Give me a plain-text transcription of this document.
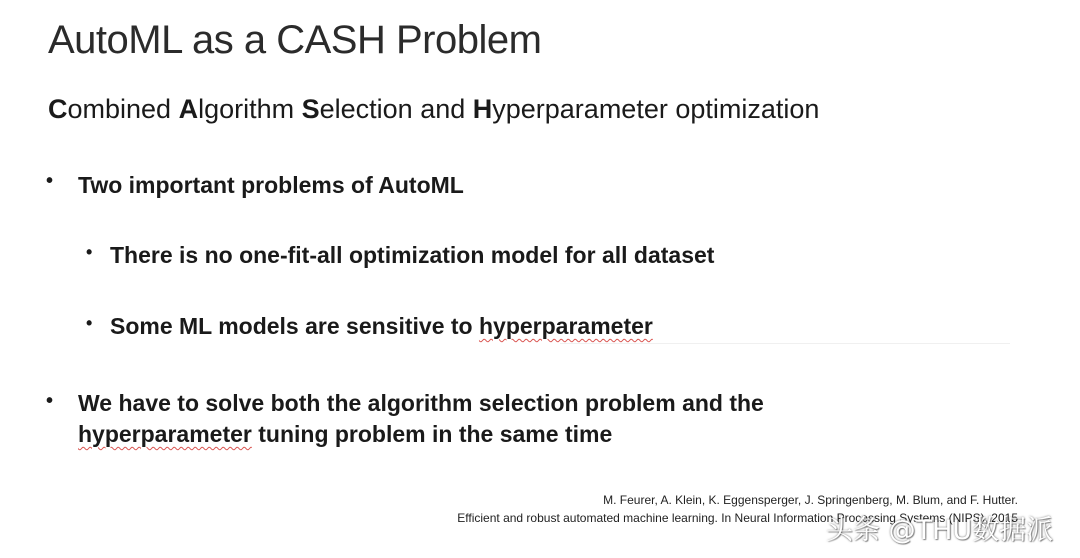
AutoML as a CASH Problem
Combined Algorithm Selection and Hyperparameter optimization
• Two important problems of AutoML
• There is no one-fit-all optimization model for all dataset
• Some ML models are sensitive to hyperparameter
• We have to solve both the algorithm selection problem and the
hyperparameter tuning problem in the same time
M. Feurer, A. Klein, K. Eggensperger, J. Springenberg, M. Blum, and F. Hutter.
Efficient and robust automated machine learning. In Neural Information Processing Systems (NIPS), 2015
头条 @THU数据派
